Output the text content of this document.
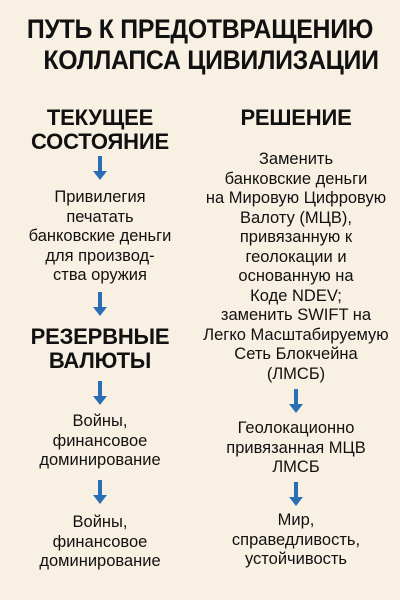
ПУТЬ К ПРЕДОТВРАЩЕНИЮ
КОЛЛАПСА ЦИВИЛИЗАЦИИ
ТЕКУЩЕЕ
СОСТОЯНИЕ
Привилегия
печатать
банковские деньги
для производ-
ства оружия
РЕЗЕРВНЫЕ
ВАЛЮТЫ
Войны,
финансовое
доминирование
Войны,
финансовое
доминирование
РЕШЕНИЕ
Заменить
банковские деньги
на Мировую Цифровую
Валоту (МЦВ),
привязанную к
геолокации и
основанную на
Коде NDEV;
заменить SWIFT на
Легко Масштабируемую
Сеть Блокчейна
(ЛМСБ)
Геолокационно
привязанная МЦВ
ЛМСБ
Мир,
справедливость,
устойчивость
